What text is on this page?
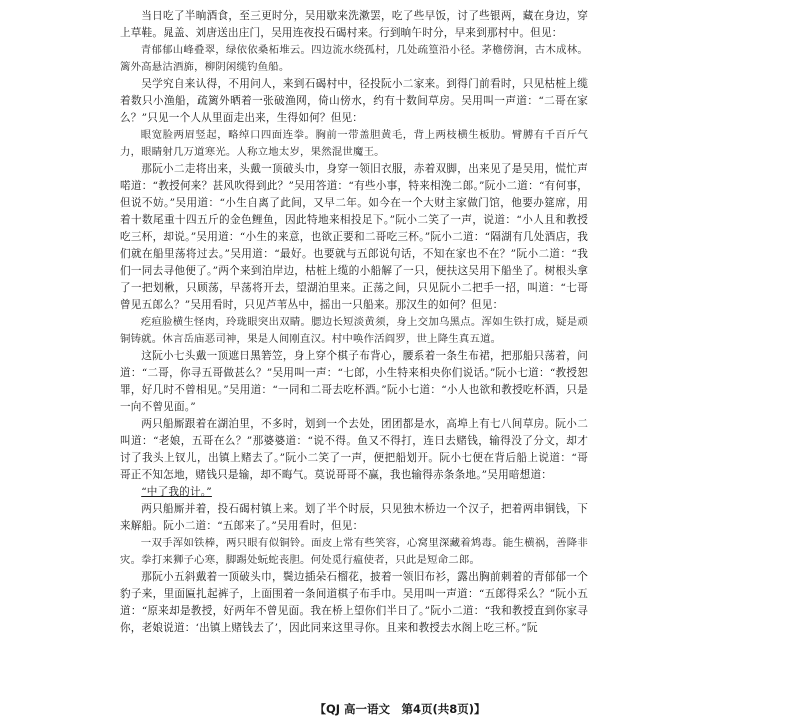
当日吃了半晌酒食，至三更时分，吴用歇来洗漱罢，吃了些早饭，讨了些银两，藏在身边，穿上草鞋。晁盖、刘唐送出庄门，吴用连夜投石碣村来。行到晌午时分，早来到那村中。但见：

青郁郁山峰叠翠，绿依依桑柘堆云。四边流水绕孤村，几处疏篁沿小径。茅檐傍涧，古木成林。篱外高悬沽酒旆，柳阴闲缆钓鱼船。

吴学究自来认得，不用问人，来到石碣村中，径投阮小二家来。到得门前看时，只见枯桩上缆着数只小渔船，疏篱外晒着一张破渔网，倚山傍水，约有十数间草房。吴用叫一声道：“二哥在家么？”只见一个人从里面走出来，生得如何？但见：

眼宽脸两眉竖起，略绰口四面连拳。胸前一带盖胆黄毛，背上两枝横生板肋。臂膊有千百斤气力，眼睛射几万道寒光。人称立地太岁，果然混世魔王。

那阮小二走将出来，头戴一顶破头巾，身穿一领旧衣服，赤着双脚，出来见了是吴用，慌忙声喏道：“教授何来？甚风吹得到此？”吴用答道：“有些小事，特来相浼二郎。”阮小二道：“有何事，但说不妨。”吴用道：“小生自离了此间，又早二年。如今在一个大财主家做门馆，他要办筵席，用着十数尾重十四五斤的金色鲤鱼，因此特地来相投足下。”阮小二笑了一声，说道：“小人且和教授吃三杯，却说。”吴用道：“小生的来意，也欲正要和二哥吃三杯。”阮小二道：“隔湖有几处酒店，我们就在船里荡将过去。”吴用道：“最好。也要就与五郎说句话，不知在家也不在？”阮小二道：“我们一同去寻他便了。”两个来到泊岸边，枯桩上缆的小船解了一只，便扶这吴用下船坐了。树根头拿了一把划楸，只顾荡，早荡将开去，望湖泊里来。正荡之间，只见阮小二把手一招，叫道：“七哥曾见五郎么？”吴用看时，只见芦苇丛中，摇出一只船来。那汉生的如何？但见：

疙疸脸横生怪肉，玲珑眼突出双睛。腮边长短淡黄须，身上交加乌黑点。浑如生铁打成，疑是顽铜铸就。休言岳庙恶司神，果是人间刚直汉。村中唤作活阎罗，世上降生真五道。

这阮小七头戴一顶遮日黑箬笠，身上穿个棋子布背心，腰系着一条生布裙，把那船只荡着，问道：“二哥，你寻五哥做甚么？”吴用叫一声：“七郎，小生特来相央你们说话。”阮小七道：“教授恕罪，好几时不曾相见。”吴用道：“一同和二哥去吃杯酒。”阮小七道：“小人也欲和教授吃杯酒，只是一向不曾见面。”

两只船厮跟着在湖泊里，不多时，划到一个去处，团团都是水，高埠上有七八间草房。阮小二叫道：“老娘，五哥在么？”那婆婆道：“说不得。鱼又不得打，连日去赌钱，输得没了分文，却才讨了我头上钗儿，出镇上赌去了。”阮小二笑了一声，便把船划开。阮小七便在背后船上说道：“哥哥正不知怎地，赌钱只是输，却不晦气。莫说哥哥不赢，我也输得赤条条地。”吴用暗想道：

“中了我的计。”

两只船厮并着，投石碣村镇上来。划了半个时辰，只见独木桥边一个汉子，把着两串铜钱，下来解船。阮小二道：“五郎来了。”吴用看时，但见：

一双手浑如铁棒，两只眼有似铜铃。面皮上常有些笑容，心窝里深藏着鸩毒。能生横祸，善降非灾。拳打来狮子心寒，脚踢处蚖蛇丧胆。何处觅行瘟使者，只此是短命二郎。

那阮小五斜戴着一顶破头巾，鬓边插朵石榴花，披着一领旧布衫，露出胸前刺着的青郁郁一个豹子来，里面匾扎起裤子，上面围着一条间道棋子布手巾。吴用叫一声道：“五郎得采么？”阮小五道：“原来却是教授，好两年不曾见面。我在桥上望你们半日了。”阮小二道：“我和教授直到你家寻你，老娘说道：‘出镇上赌钱去了’，因此同来这里寻你。且来和教授去水阁上吃三杯。”阮

【QJ 高一语文　第4页(共8页)】
